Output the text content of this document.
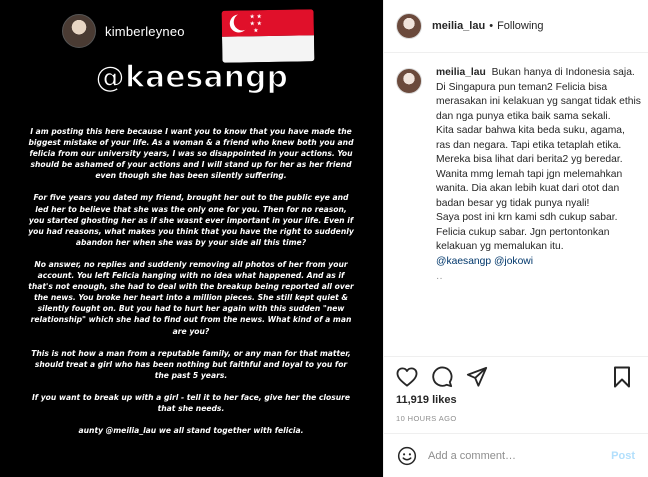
kimberleyneo
★ ★
★ ★ ★
@kaesangp

I am posting this here because I want you to know that you have made the biggest mistake of your life. As a woman & a friend who knew both you and felicia from our university years, I was so disappointed in your actions. You should be ashamed of your actions and I will stand up for her as her friend even though she has been silently suffering.

For five years you dated my friend, brought her out to the public eye and led her to believe that she was the only one for you. Then for no reason, you started ghosting her as if she wasnt ever important in your life. Even if you had reasons, what makes you think that you have the right to suddenly abandon her when she was by your side all this time?

No answer, no replies and suddenly removing all photos of her from your account. You left Felicia hanging with no idea what happened. And as if that's not enough, she had to deal with the breakup being reported all over the news. You broke her heart into a million pieces. She still kept quiet & silently fought on. But you had to hurt her again with this sudden "new relationship" which she had to find out from the news. What kind of a man are you?

This is not how a man from a reputable family, or any man for that matter, should treat a girl who has been nothing but faithful and loyal to you for the past 5 years.

If you want to break up with a girl - tell it to her face, give her the closure that she needs.

aunty @meilia_lau we all stand together with felicia.

meilia_lau • Following
meilia_lau Bukan hanya di Indonesia saja. Di Singapura pun teman2 Felicia bisa merasakan ini kelakuan yg sangat tidak ethis dan nga punya etika baik sama sekali.
Kita sadar bahwa kita beda suku, agama, ras dan negara. Tapi etika tetaplah etika.
Mereka bisa lihat dari berita2 yg beredar.
Wanita mmg lemah tapi jgn melemahkan wanita. Dia akan lebih kuat dari otot dan badan besar yg tidak punya nyali!
Saya post ini krn kami sdh cukup sabar. Felicia cukup sabar. Jgn pertontonkan kelakuan yg memalukan itu.
@kaesangp @jokowi
··
11,919 likes
10 HOURS AGO
Add a comment…
Post
